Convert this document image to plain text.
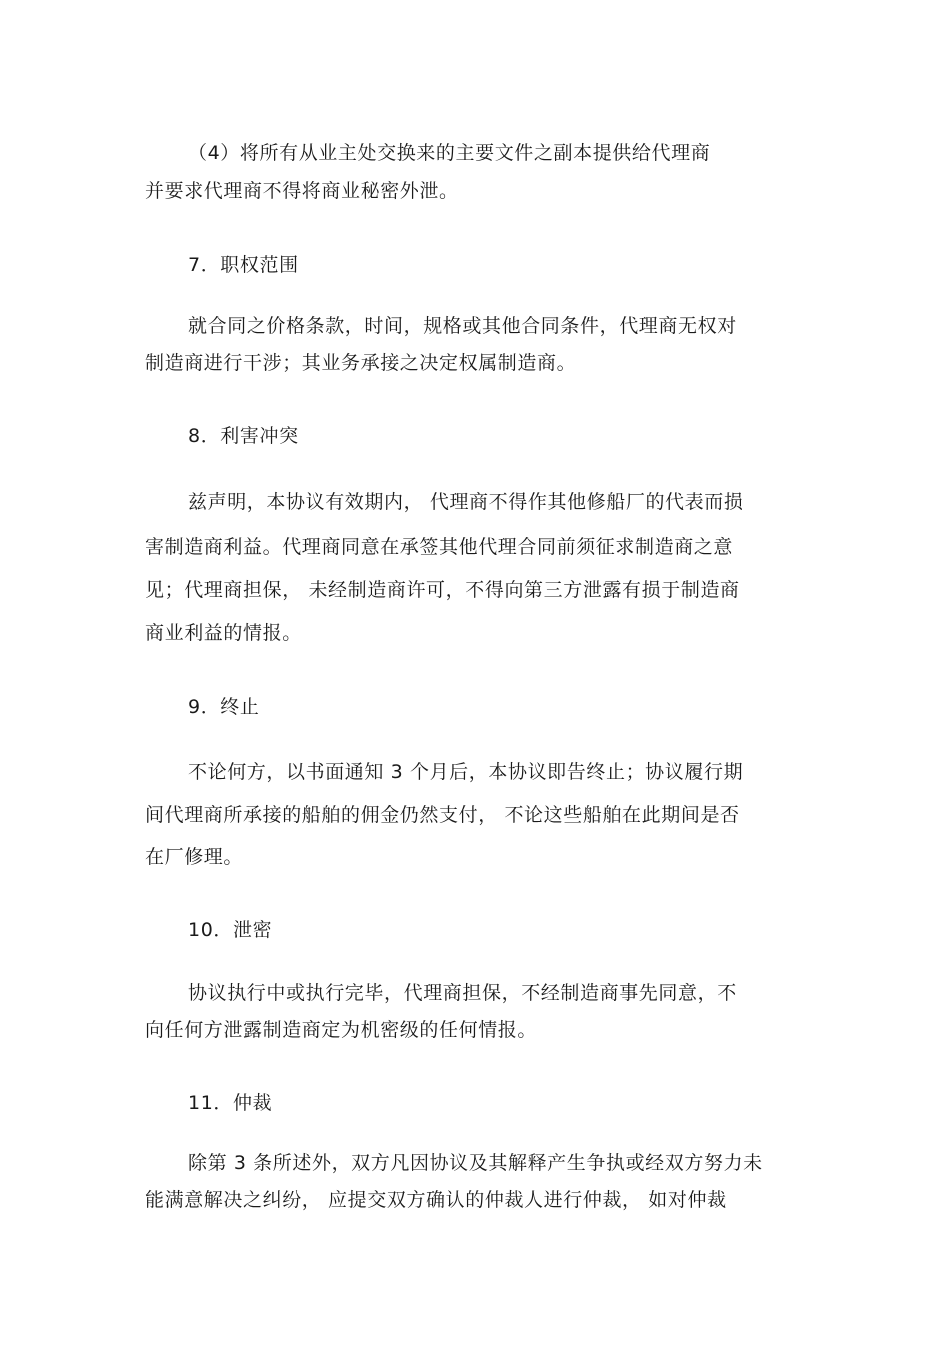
（4）将所有从业主处交换来的主要文件之副本提供给代理商
并要求代理商不得将商业秘密外泄。
7．职权范围
就合同之价格条款，时间，规格或其他合同条件，代理商无权对
制造商进行干涉；其业务承接之决定权属制造商。
8．利害冲突
兹声明，本协议有效期内， 代理商不得作其他修船厂的代表而损
害制造商利益。代理商同意在承签其他代理合同前须征求制造商之意
见；代理商担保， 未经制造商许可，不得向第三方泄露有损于制造商
商业利益的情报。
9．终止
不论何方，以书面通知 3 个月后，本协议即告终止；协议履行期
间代理商所承接的船舶的佣金仍然支付， 不论这些船舶在此期间是否
在厂修理。
10．泄密
协议执行中或执行完毕，代理商担保，不经制造商事先同意，不
向任何方泄露制造商定为机密级的任何情报。
11．仲裁
除第 3 条所述外，双方凡因协议及其解释产生争执或经双方努力未
能满意解决之纠纷， 应提交双方确认的仲裁人进行仲裁， 如对仲裁
